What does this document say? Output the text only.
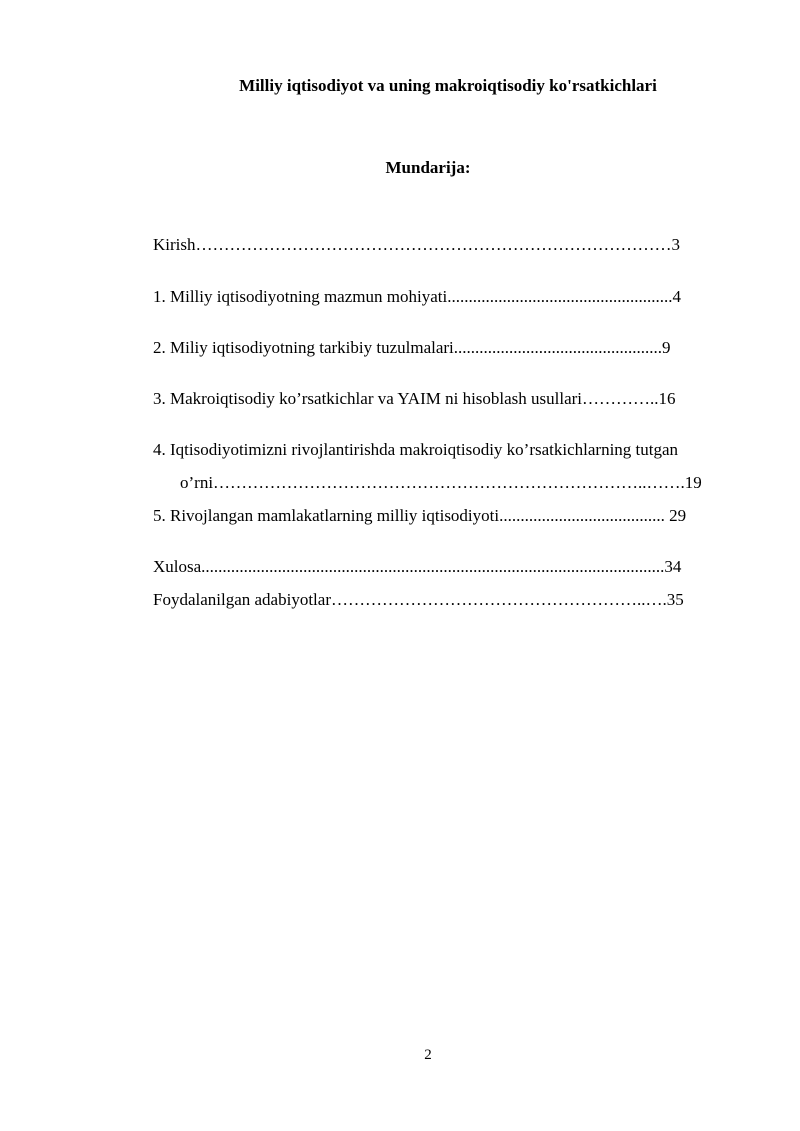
Milliy iqtisodiyot va uning makroiqtisodiy ko'rsatkichlari
Mundarija:

Kirish…………………………………………………………………………3

1. Milliy iqtisodiyotning mazmun mohiyati.....................................................4

2. Miliy iqtisodiyotning tarkibiy tuzulmalari.................................................9

3. Makroiqtisodiy ko’rsatkichlar va YAIM ni hisoblash usullari…………..16

4. Iqtisodiyotimizni rivojlantirishda makroiqtisodiy ko’rsatkichlarning tutgan

o’rni…………………………………………………………………..…….19

5. Rivojlangan mamlakatlarning milliy iqtisodiyoti....................................... 29

Xulosa.............................................................................................................34

Foydalanilgan adabiyotlar………………………………………………..….35

2
